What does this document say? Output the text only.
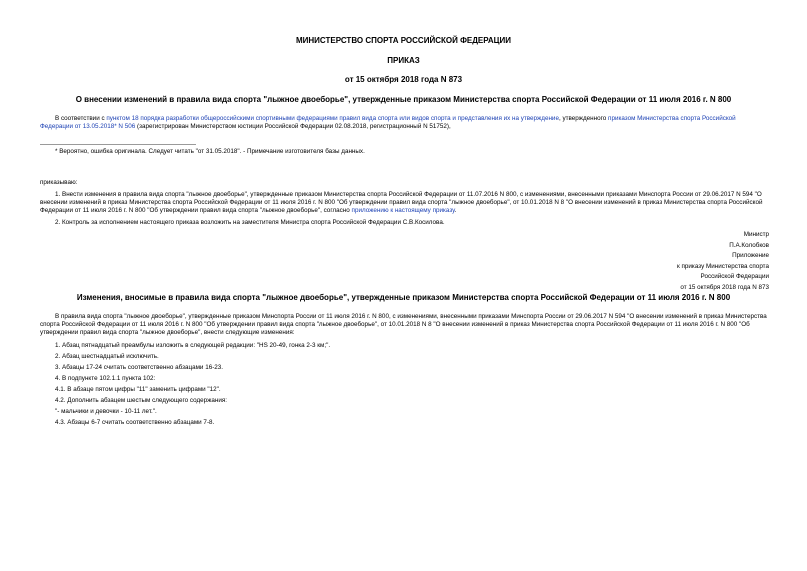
МИНИСТЕРСТВО СПОРТА РОССИЙСКОЙ ФЕДЕРАЦИИ
ПРИКАЗ
от 15 октября 2018 года N 873
О внесении изменений в правила вида спорта "лыжное двоеборье", утвержденные приказом Министерства спорта Российской Федерации от 11 июля 2016 г. N 800
В соответствии с пунктом 18 порядка разработки общероссийскими спортивными федерациями правил вида спорта или видов спорта и представления их на утверждение, утвержденного приказом Министерства спорта Российской Федерации от 13.05.2018* N 506 (зарегистрирован Министерством юстиции Российской Федерации 02.08.2018, регистрационный N 51752),
* Вероятно, ошибка оригинала. Следует читать "от 31.05.2018". - Примечание изготовителя базы данных.
приказываю:
1. Внести изменения в правила вида спорта "лыжное двоеборье", утвержденные приказом Министерства спорта Российской Федерации от 11.07.2016 N 800, с изменениями, внесенными приказами Минспорта России от 29.06.2017 N 594 "О внесении изменений в приказ Министерства спорта Российской Федерации от 11 июля 2016 г. N 800 "Об утверждении правил вида спорта "лыжное двоеборье", от 10.01.2018 N 8 "О внесении изменений в приказ Министерства спорта Российской Федерации от 11 июля 2016 г. N 800 "Об утверждении правил вида спорта "лыжное двоеборье", согласно приложению к настоящему приказу.
2. Контроль за исполнением настоящего приказа возложить на заместителя Министра спорта Российской Федерации С.В.Косилова.
Министр
П.А.Колобков
Приложение
к приказу Министерства спорта
Российской Федерации
от 15 октября 2018 года N 873
Изменения, вносимые в правила вида спорта "лыжное двоеборье", утвержденные приказом Министерства спорта Российской Федерации от 11 июля 2016 г. N 800
В правила вида спорта "лыжное двоеборье", утвержденные приказом Минспорта России от 11 июля 2016 г. N 800, с изменениями, внесенными приказами Минспорта России от 29.06.2017 N 594 "О внесении изменений в приказ Министерства спорта Российской Федерации от 11 июля 2016 г. N 800 "Об утверждении правил вида спорта "лыжное двоеборье", от 10.01.2018 N 8 "О внесении изменений в приказ Министерства спорта Российской Федерации от 11 июля 2016 г. N 800 "Об утверждении правил вида спорта "лыжное двоеборье", внести следующие изменения:
1. Абзац пятнадцатый преамбулы изложить в следующей редакции: "HS 20-49, гонка 2-3 км;".
2. Абзац шестнадцатый исключить.
3. Абзацы 17-24 считать соответственно абзацами 16-23.
4. В подпункте 102.1.1 пункта 102:
4.1. В абзаце пятом цифры "11" заменить цифрами "12".
4.2. Дополнить абзацем шестым следующего содержания:
"- мальчики и девочки - 10-11 лет.".
4.3. Абзацы 6-7 считать соответственно абзацами 7-8.
